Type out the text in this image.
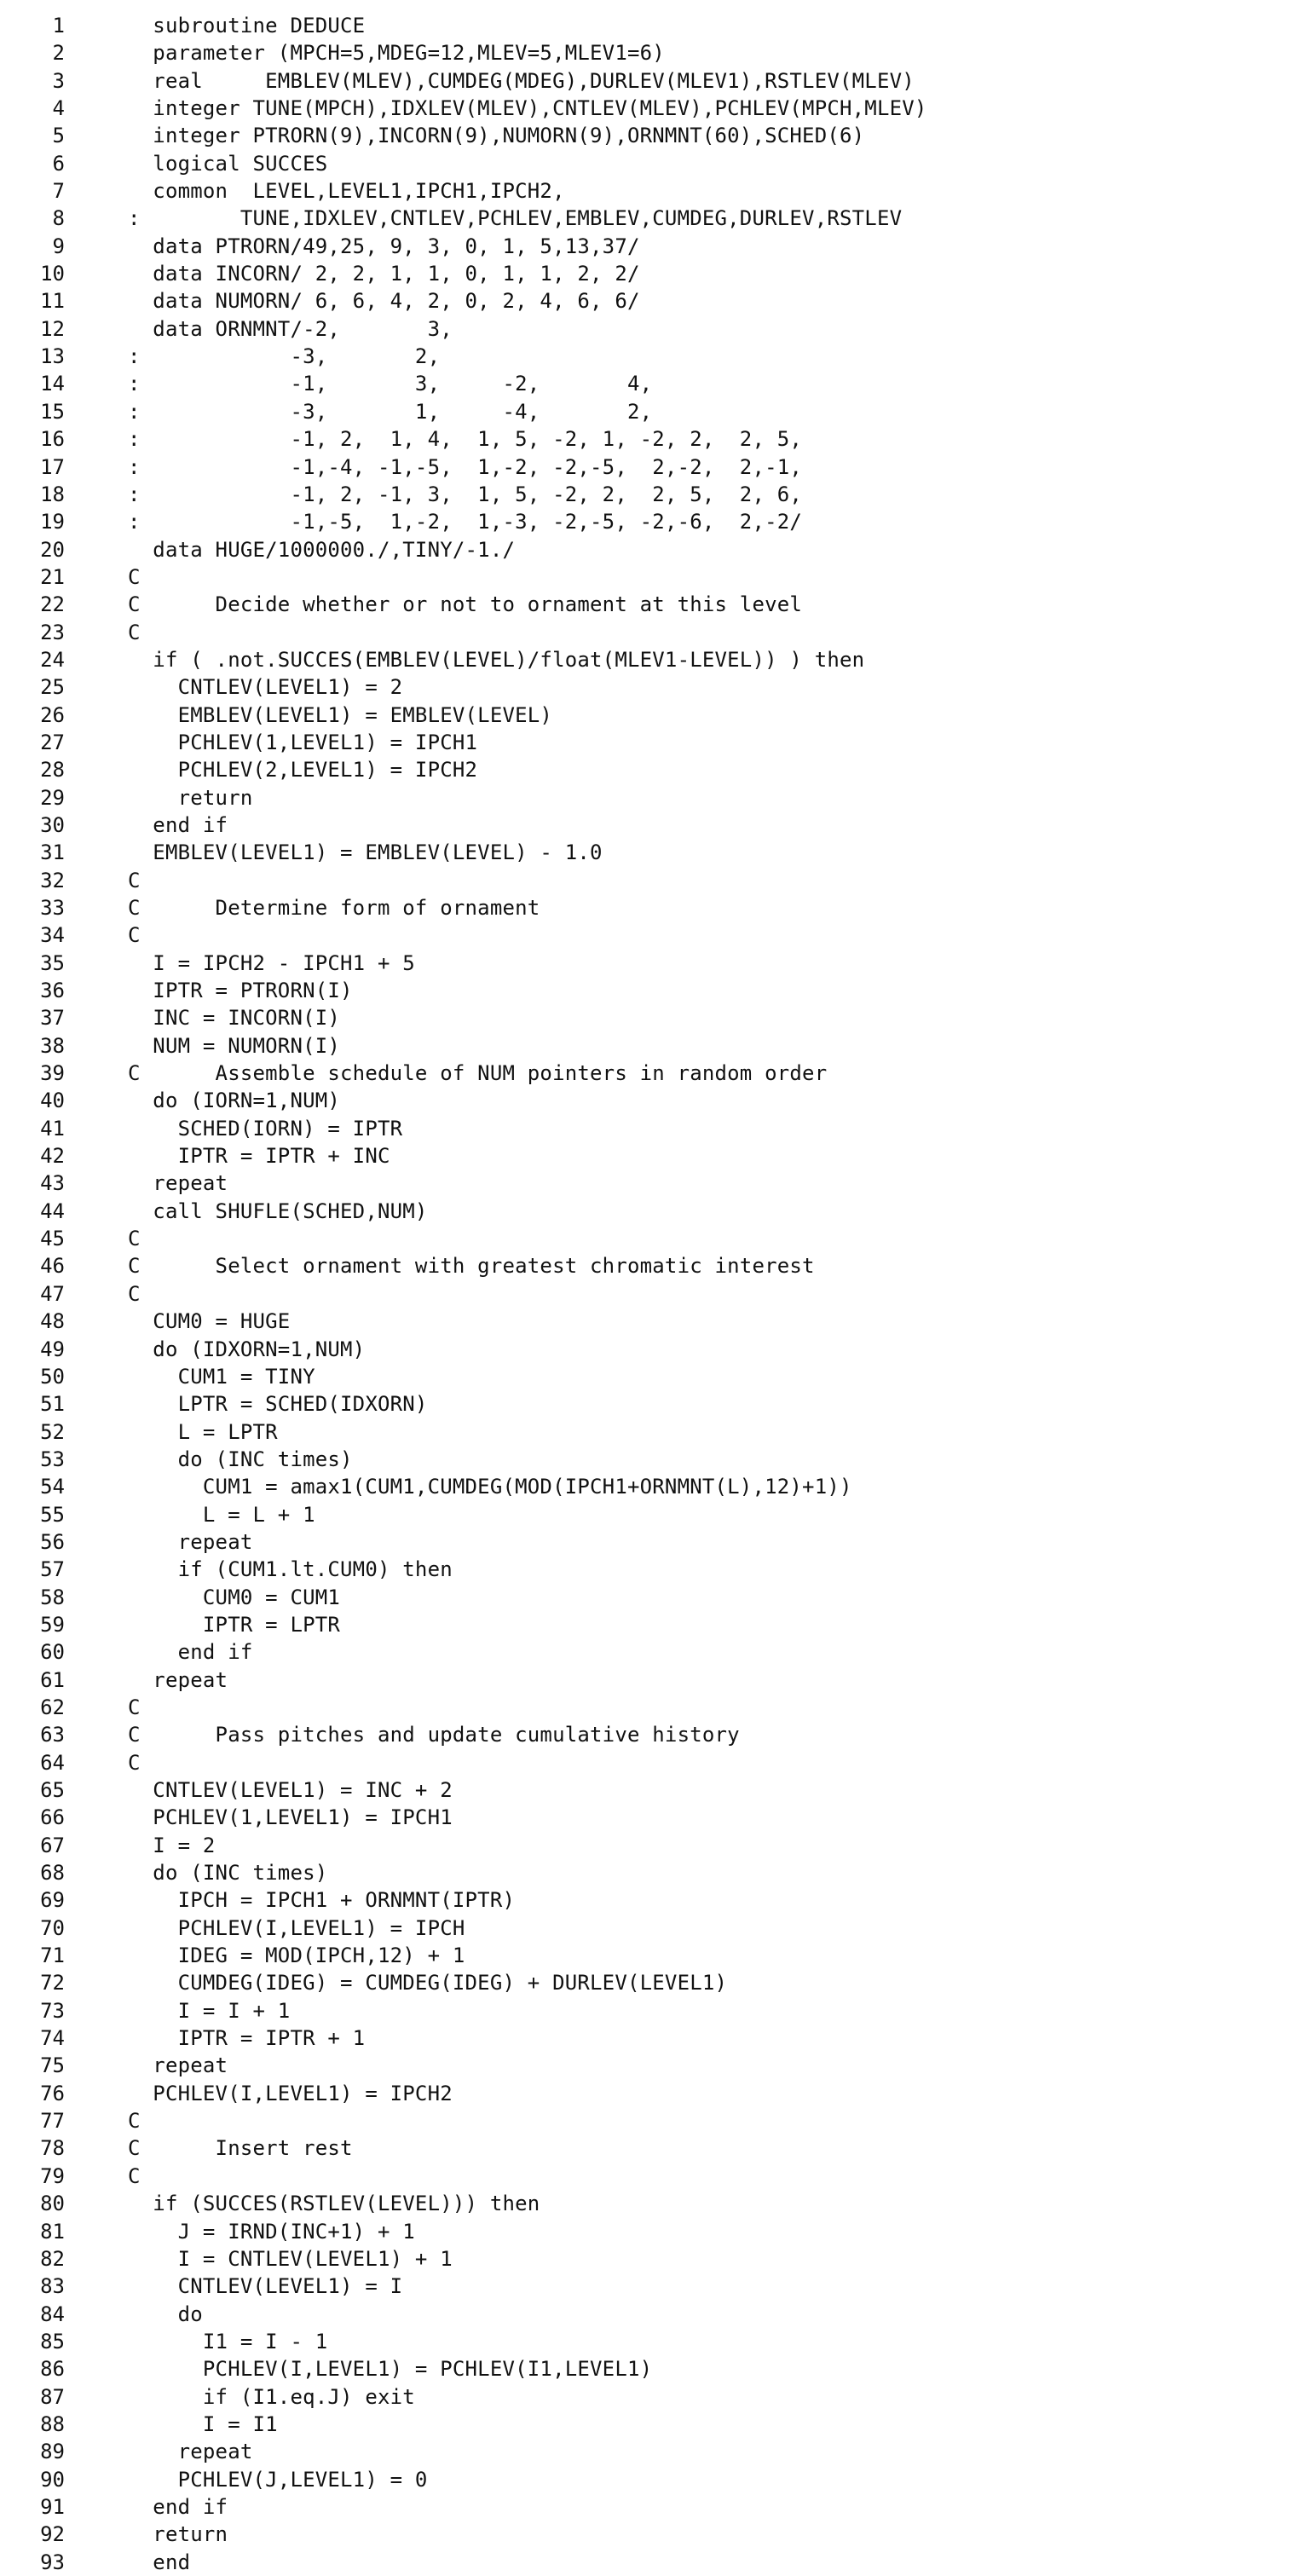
1	subroutine DEDUCE
2	parameter (MPCH=5,MDEG=12,MLEV=5,MLEV1=6)
3	real     EMBLEV(MLEV),CUMDEG(MDEG),DURLEV(MLEV1),RSTLEV(MLEV)
4	integer TUNE(MPCH),IDXLEV(MLEV),CNTLEV(MLEV),PCHLEV(MPCH,MLEV)
5	integer PTRORN(9),INCORN(9),NUMORN(9),ORNMNT(60),SCHED(6)
6	logical SUCCES
7	common  LEVEL,LEVEL1,IPCH1,IPCH2,
8	:        TUNE,IDXLEV,CNTLEV,PCHLEV,EMBLEV,CUMDEG,DURLEV,RSTLEV
9	data PTRORN/49,25, 9, 3, 0, 1, 5,13,37/
10	data INCORN/ 2, 2, 1, 1, 0, 1, 1, 2, 2/
11	data NUMORN/ 6, 6, 4, 2, 0, 2, 4, 6, 6/
12	data ORNMNT/-2,       3,
13	:            -3,       2,
14	:            -1,       3,     -2,       4,
15	:            -3,       1,     -4,       2,
16	:            -1, 2,  1, 4,  1, 5, -2, 1, -2, 2,  2, 5,
17	:            -1,-4, -1,-5,  1,-2, -2,-5,  2,-2,  2,-1,
18	:            -1, 2, -1, 3,  1, 5, -2, 2,  2, 5,  2, 6,
19	:            -1,-5,  1,-2,  1,-3, -2,-5, -2,-6,  2,-2/
20	data HUGE/1000000./,TINY/-1./
21	C
22	C      Decide whether or not to ornament at this level
23	C
24	if ( .not.SUCCES(EMBLEV(LEVEL)/float(MLEV1-LEVEL)) ) then
25	CNTLEV(LEVEL1) = 2
26	EMBLEV(LEVEL1) = EMBLEV(LEVEL)
27	PCHLEV(1,LEVEL1) = IPCH1
28	PCHLEV(2,LEVEL1) = IPCH2
29	return
30	end if
31	EMBLEV(LEVEL1) = EMBLEV(LEVEL) - 1.0
32	C
33	C      Determine form of ornament
34	C
35	I = IPCH2 - IPCH1 + 5
36	IPTR = PTRORN(I)
37	INC = INCORN(I)
38	NUM = NUMORN(I)
39	C      Assemble schedule of NUM pointers in random order
40	do (IORN=1,NUM)
41	SCHED(IORN) = IPTR
42	IPTR = IPTR + INC
43	repeat
44	call SHUFLE(SCHED,NUM)
45	C
46	C      Select ornament with greatest chromatic interest
47	C
48	CUM0 = HUGE
49	do (IDXORN=1,NUM)
50	CUM1 = TINY
51	LPTR = SCHED(IDXORN)
52	L = LPTR
53	do (INC times)
54	CUM1 = amax1(CUM1,CUMDEG(MOD(IPCH1+ORNMNT(L),12)+1))
55	L = L + 1
56	repeat
57	if (CUM1.lt.CUM0) then
58	CUM0 = CUM1
59	IPTR = LPTR
60	end if
61	repeat
62	C
63	C      Pass pitches and update cumulative history
64	C
65	CNTLEV(LEVEL1) = INC + 2
66	PCHLEV(1,LEVEL1) = IPCH1
67	I = 2
68	do (INC times)
69	IPCH = IPCH1 + ORNMNT(IPTR)
70	PCHLEV(I,LEVEL1) = IPCH
71	IDEG = MOD(IPCH,12) + 1
72	CUMDEG(IDEG) = CUMDEG(IDEG) + DURLEV(LEVEL1)
73	I = I + 1
74	IPTR = IPTR + 1
75	repeat
76	PCHLEV(I,LEVEL1) = IPCH2
77	C
78	C      Insert rest
79	C
80	if (SUCCES(RSTLEV(LEVEL))) then
81	J = IRND(INC+1) + 1
82	I = CNTLEV(LEVEL1) + 1
83	CNTLEV(LEVEL1) = I
84	do
85	I1 = I - 1
86	PCHLEV(I,LEVEL1) = PCHLEV(I1,LEVEL1)
87	if (I1.eq.J) exit
88	I = I1
89	repeat
90	PCHLEV(J,LEVEL1) = 0
91	end if
92	return
93	end
